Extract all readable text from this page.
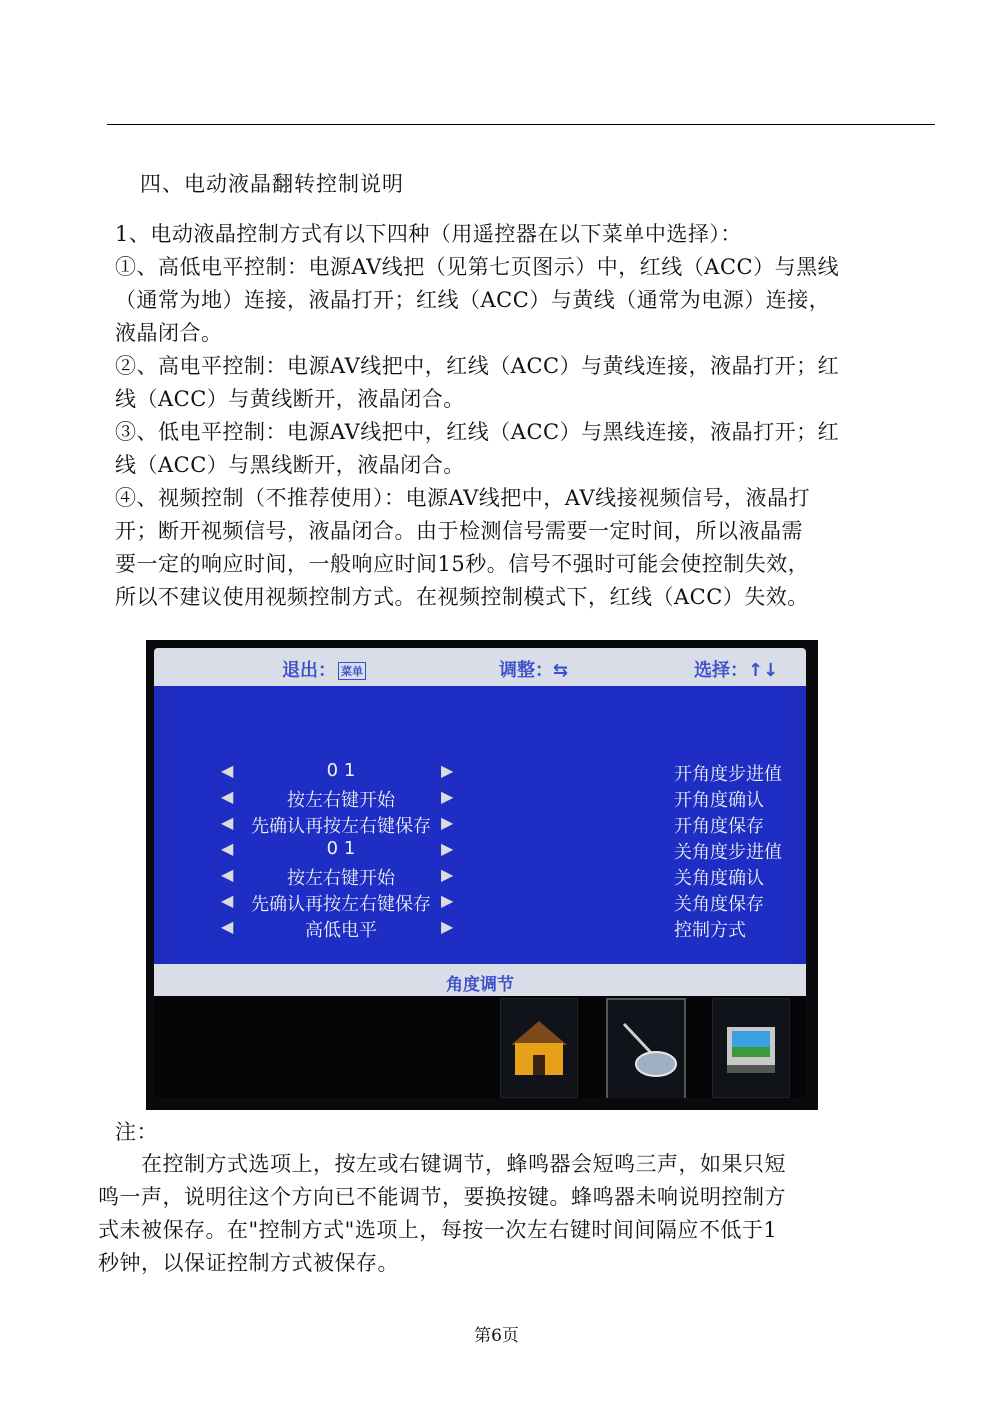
四、电动液晶翻转控制说明
1、电动液晶控制方式有以下四种（用遥控器在以下菜单中选择）：
①、高低电平控制：电源AV线把（见第七页图示）中，红线（ACC）与黑线
（通常为地）连接，液晶打开；红线（ACC）与黄线（通常为电源）连接，
液晶闭合。
②、高电平控制：电源AV线把中，红线（ACC）与黄线连接，液晶打开；红
线（ACC）与黄线断开，液晶闭合。
③、低电平控制：电源AV线把中，红线（ACC）与黑线连接，液晶打开；红
线（ACC）与黑线断开，液晶闭合。
④、视频控制（不推荐使用）：电源AV线把中，AV线接视频信号，液晶打
开；断开视频信号，液晶闭合。由于检测信号需要一定时间，所以液晶需
要一定的响应时间，一般响应时间15秒。信号不强时可能会使控制失效，
所以不建议使用视频控制方式。在视频控制模式下，红线（ACC）失效。
退出： 菜单	调整：⇆	选择：↑↓
◀	0 1	▶	开角度步进值
◀	按左右键开始	▶	开角度确认
◀ 先确认再按左右键保存 ▶	开角度保存
◀	0 1	▶	关角度步进值
◀	按左右键开始	▶	关角度确认
◀ 先确认再按左右键保存 ▶	关角度保存
◀	高低电平	▶	控制方式
角度调节
注：
　　在控制方式选项上，按左或右键调节，蜂鸣器会短鸣三声，如果只短
鸣一声，说明往这个方向已不能调节，要换按键。蜂鸣器未响说明控制方
式未被保存。在"控制方式"选项上，每按一次左右键时间间隔应不低于1
秒钟，以保证控制方式被保存。
第6页
